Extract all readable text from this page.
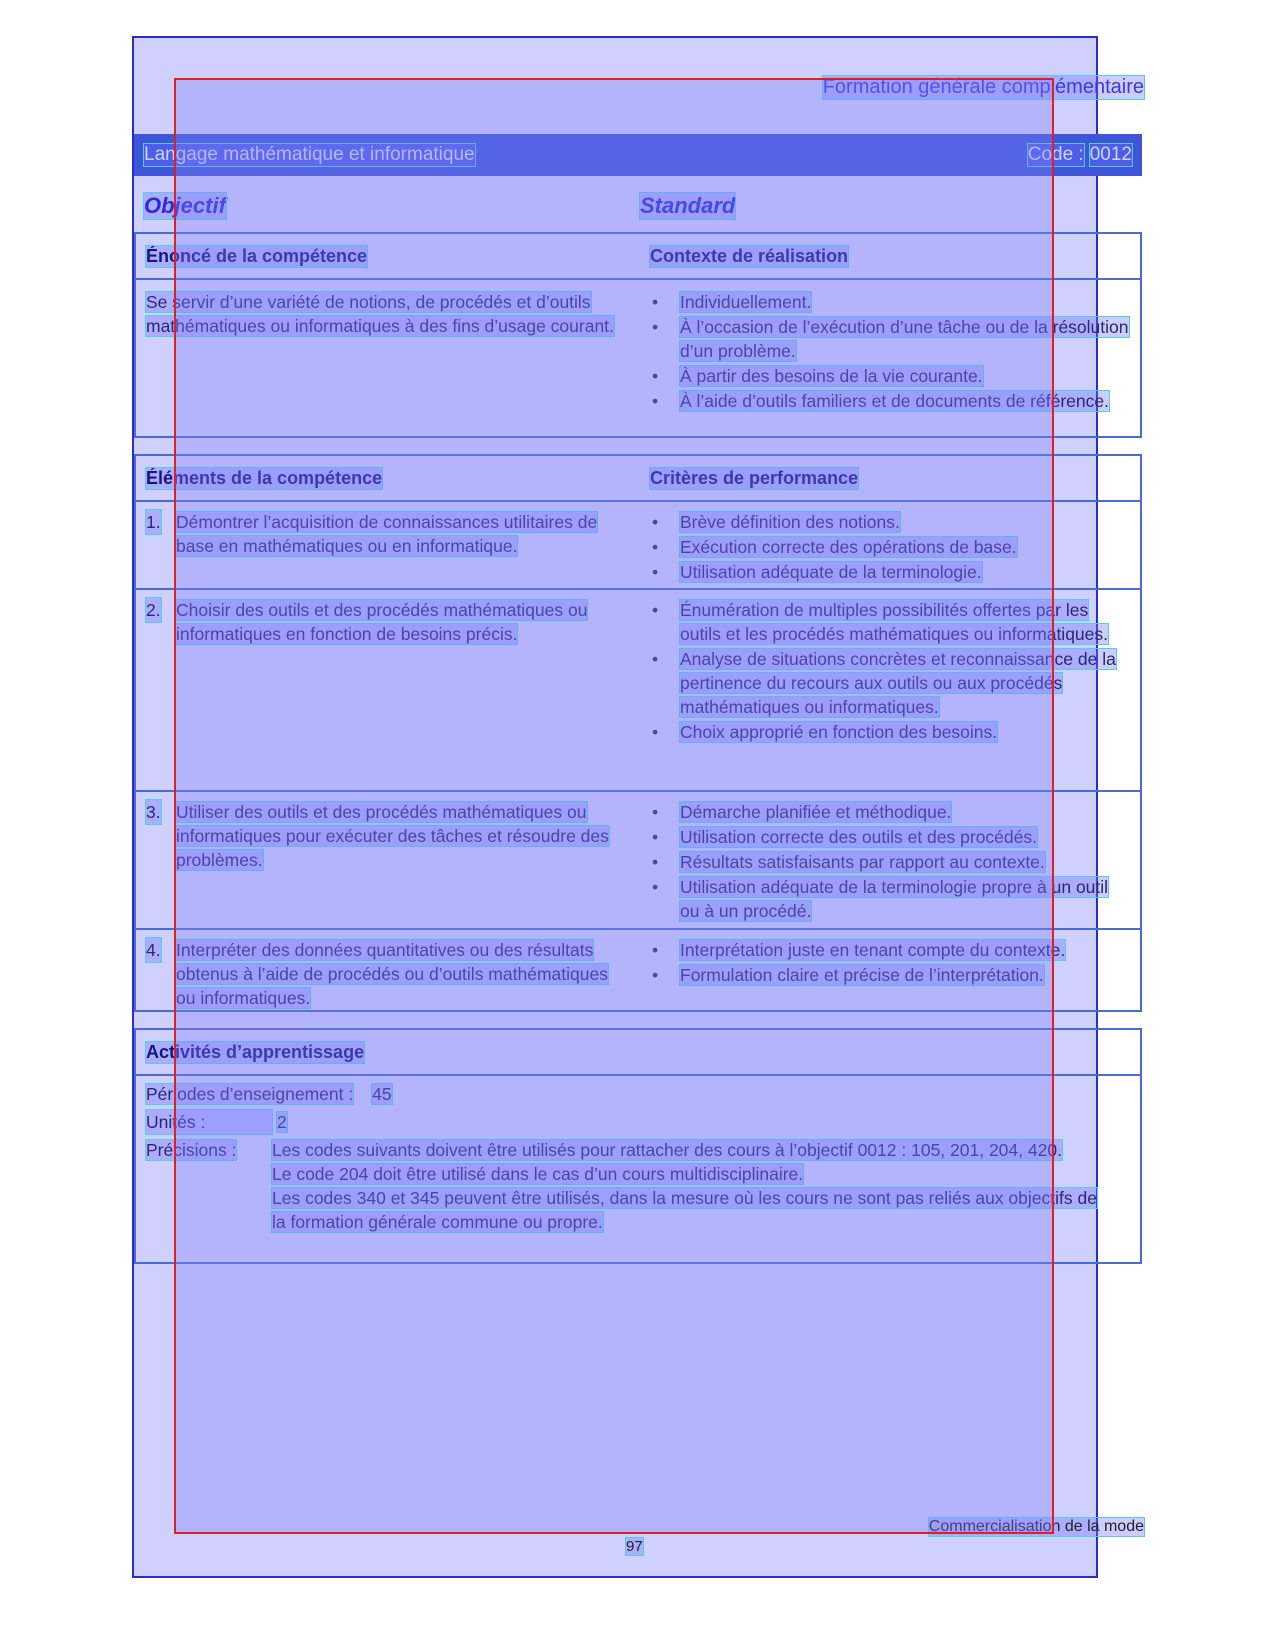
Formation générale complémentaire
Langage mathématique et informatique	Code : 0012
Objectif	Standard
Énoncé de la compétence	Contexte de réalisation
Se servir d’une variété de notions, de procédés et d’outils mathématiques ou informatiques à des fins d’usage courant.
• Individuellement.
• À l’occasion de l’exécution d’une tâche ou de la résolution d’un problème.
• À partir des besoins de la vie courante.
• À l’aide d’outils familiers et de documents de référence.
Éléments de la compétence	Critères de performance
1. Démontrer l’acquisition de connaissances utilitaires de base en mathématiques ou en informatique.
• Brève définition des notions.
• Exécution correcte des opérations de base.
• Utilisation adéquate de la terminologie.
2. Choisir des outils et des procédés mathématiques ou informatiques en fonction de besoins précis.
• Énumération de multiples possibilités offertes par les outils et les procédés mathématiques ou informatiques.
• Analyse de situations concrètes et reconnaissance de la pertinence du recours aux outils ou aux procédés mathématiques ou informatiques.
• Choix approprié en fonction des besoins.
3. Utiliser des outils et des procédés mathématiques ou informatiques pour exécuter des tâches et résoudre des problèmes.
• Démarche planifiée et méthodique.
• Utilisation correcte des outils et des procédés.
• Résultats satisfaisants par rapport au contexte.
• Utilisation adéquate de la terminologie propre à un outil ou à un procédé.
4. Interpréter des données quantitatives ou des résultats obtenus à l’aide de procédés ou d’outils mathématiques ou informatiques.
• Interprétation juste en tenant compte du contexte.
• Formulation claire et précise de l’interprétation.
Activités d’apprentissage
Périodes d’enseignement : 45
Unités :	2
Précisions : Les codes suivants doivent être utilisés pour rattacher des cours à l’objectif 0012 : 105, 201, 204, 420.
Le code 204 doit être utilisé dans le cas d’un cours multidisciplinaire.
Les codes 340 et 345 peuvent être utilisés, dans la mesure où les cours ne sont pas reliés aux objectifs de la formation générale commune ou propre.
Commercialisation de la mode
97
